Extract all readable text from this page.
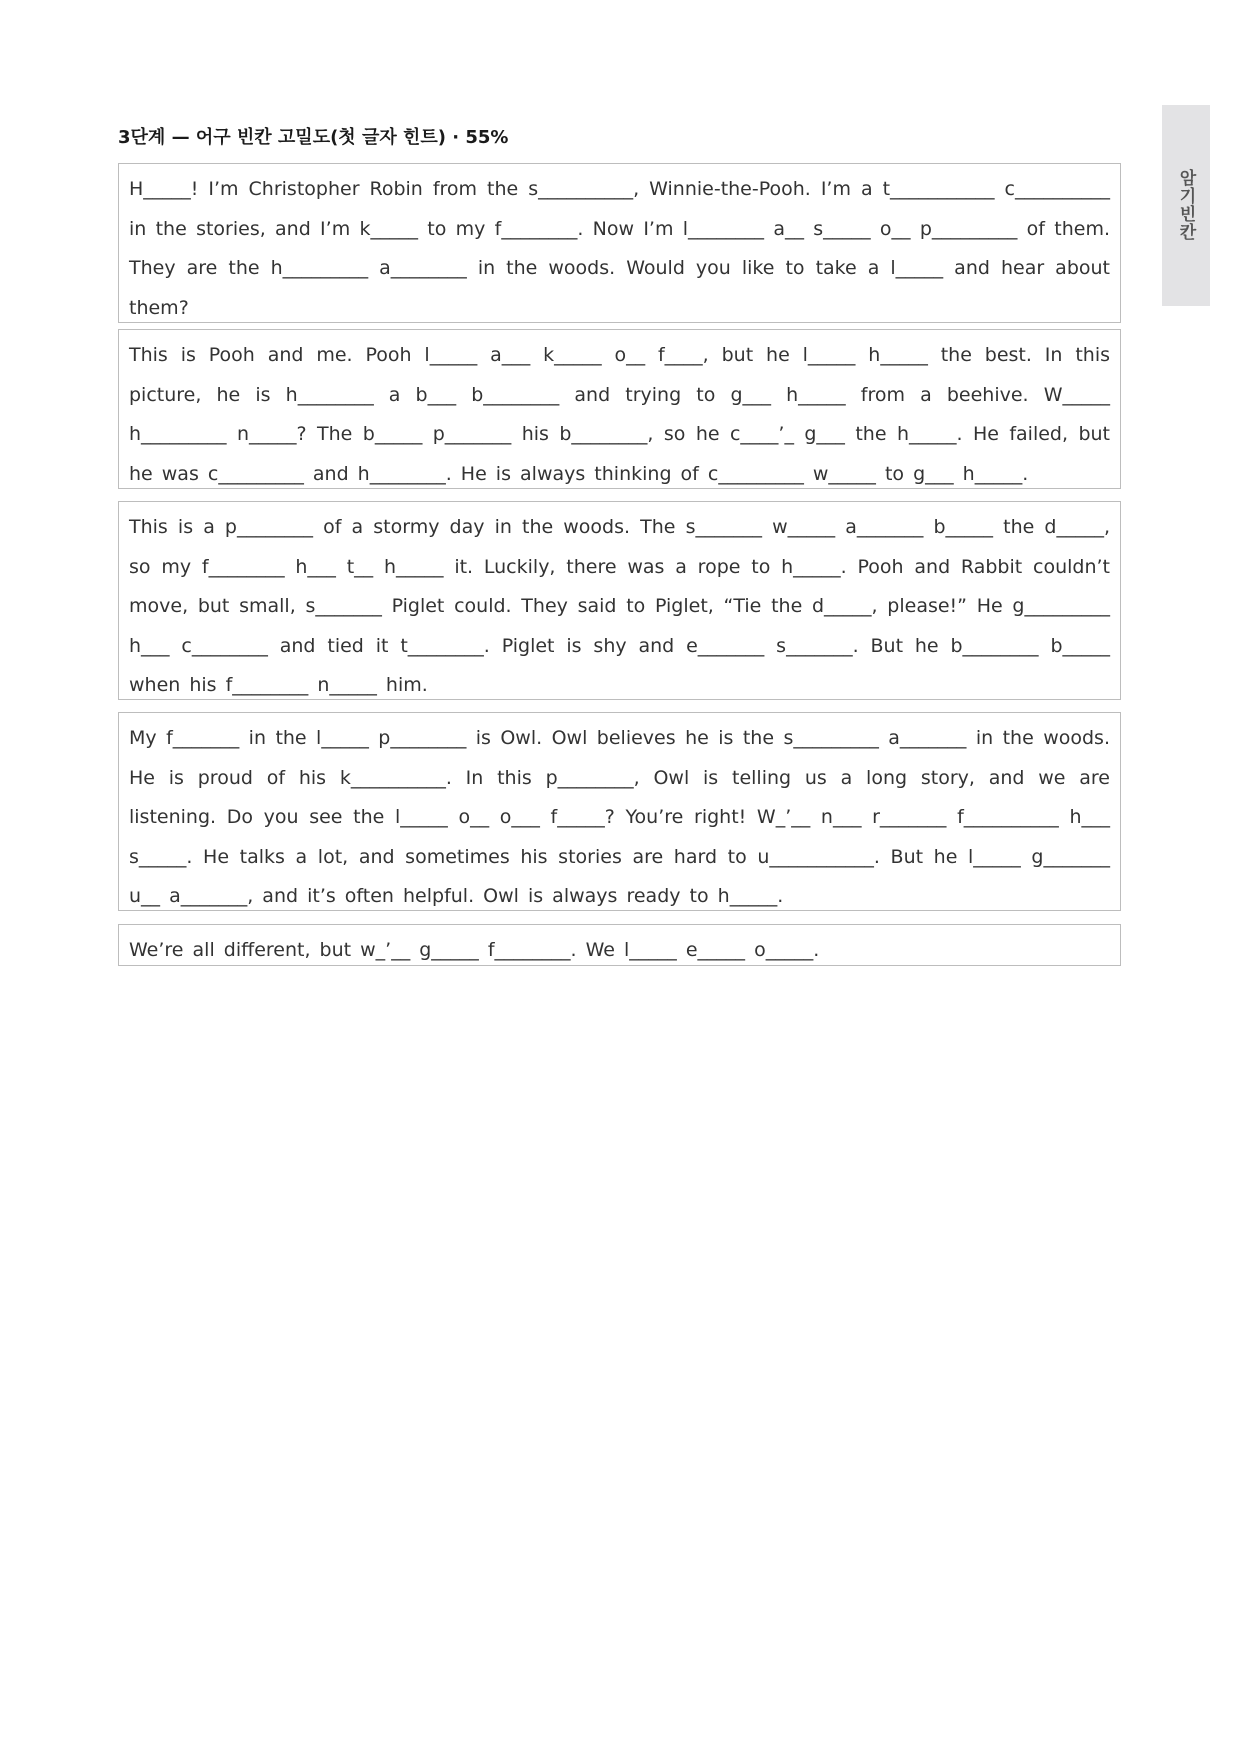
3단계 — 어구 빈칸 고밀도(첫 글자 힌트) · 55%
암기빈칸

H_____! I’m Christopher Robin from the s__________, Winnie-the-Pooh. I’m a t___________ c__________ in the stories, and I’m k_____ to my f________. Now I’m l________ a__ s_____ o__ p_________ of them. They are the h_________ a________ in the woods. Would you like to take a l_____ and hear about them?

This is Pooh and me. Pooh l_____ a___ k_____ o__ f____, but he l_____ h_____ the best. In this picture, he is h________ a b___ b________ and trying to g___ h_____ from a beehive. W_____ h_________ n_____? The b_____ p_______ his b________, so he c____’_ g___ the h_____. He failed, but he was c_________ and h________. He is always thinking of c_________ w_____ to g___ h_____.

This is a p________ of a stormy day in the woods. The s_______ w_____ a_______ b_____ the d_____, so my f________ h___ t__ h_____ it. Luckily, there was a rope to h_____. Pooh and Rabbit couldn’t move, but small, s_______ Piglet could. They said to Piglet, “Tie the d_____, please!” He g_________ h___ c________ and tied it t________. Piglet is shy and e_______ s_______. But he b________ b_____ when his f________ n_____ him.

My f_______ in the l_____ p________ is Owl. Owl believes he is the s_________ a_______ in the woods. He is proud of his k__________. In this p________, Owl is telling us a long story, and we are listening. Do you see the l_____ o__ o___ f_____? You’re right! W_’__ n___ r_______ f__________ h___ s_____. He talks a lot, and sometimes his stories are hard to u___________. But he l_____ g_______ u__ a_______, and it’s often helpful. Owl is always ready to h_____.

We’re all different, but w_’__ g_____ f________. We l_____ e_____ o_____.
